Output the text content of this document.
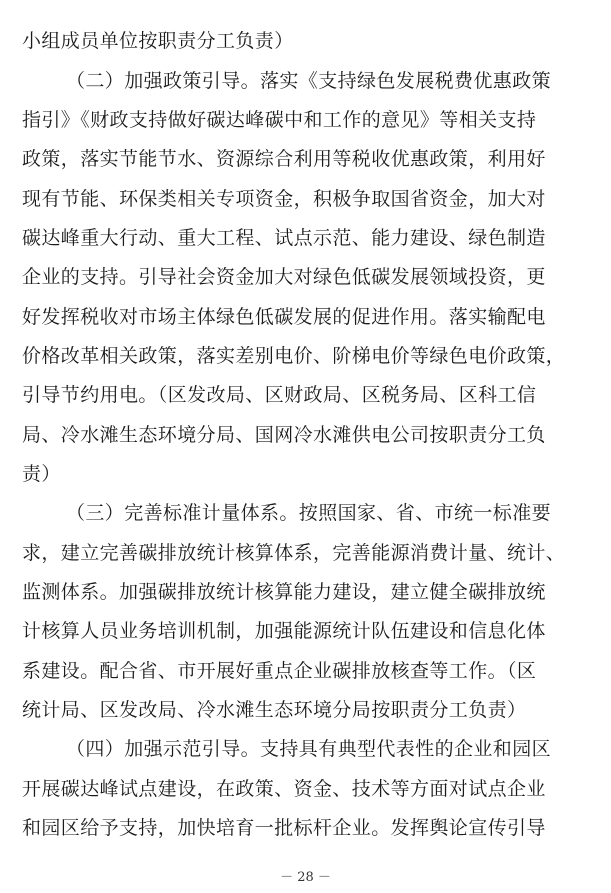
小组成员单位按职责分工负责）
（二）加强政策引导。落实《支持绿色发展税费优惠政策
指引》《财政支持做好碳达峰碳中和工作的意见》等相关支持
政策，落实节能节水、资源综合利用等税收优惠政策，利用好
现有节能、环保类相关专项资金，积极争取国省资金，加大对
碳达峰重大行动、重大工程、试点示范、能力建设、绿色制造
企业的支持。引导社会资金加大对绿色低碳发展领域投资，更
好发挥税收对市场主体绿色低碳发展的促进作用。落实输配电
价格改革相关政策，落实差别电价、阶梯电价等绿色电价政策，
引导节约用电。（区发改局、区财政局、区税务局、区科工信
局、冷水滩生态环境分局、国网冷水滩供电公司按职责分工负
责）
（三）完善标准计量体系。按照国家、省、市统一标准要
求，建立完善碳排放统计核算体系，完善能源消费计量、统计、
监测体系。加强碳排放统计核算能力建设，建立健全碳排放统
计核算人员业务培训机制，加强能源统计队伍建设和信息化体
系建设。配合省、市开展好重点企业碳排放核查等工作。（区
统计局、区发改局、冷水滩生态环境分局按职责分工负责）
（四）加强示范引导。支持具有典型代表性的企业和园区
开展碳达峰试点建设，在政策、资金、技术等方面对试点企业
和园区给予支持，加快培育一批标杆企业。发挥舆论宣传引导
－ 28 －
